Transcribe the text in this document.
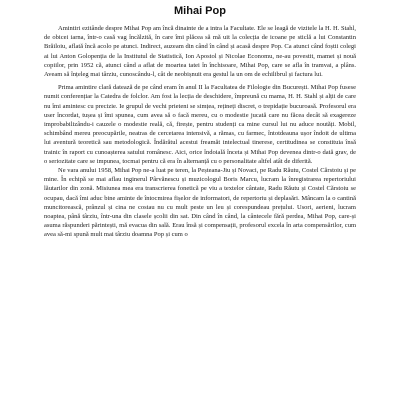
Mihai Pop

Amintiri ezitânde despre Mihai Pop am încă dinainte de a intra la Facultate. Ele se leagă de vizitele la H. H. Stahl, de obicei iarna, într-o casă vag încălzită, în care îmi plăcea să mă uit la colecția de icoane pe sticlă a lui Constantin Brăiloiu, aflată încă acolo pe atunci. Indirect, auzeam din când în când și acasă despre Pop. Ca atunci când foștii colegi ai lui Anton Golopenția de la Institutul de Statistică, Ion Apostol și Nicolae Economu, ne-au povestit, mamei și nouă copiilor, prin 1952 că, atunci când a aflat de moartea tatei în închisoare, Mihai Pop, care se afla în tramvai, a plâns. Aveam să înțeleg mai târziu, cunoscându-l, cât de neobișnuit era gestul la un om de echilibrul și factura lui.

Prima amintire clară datează de pe când eram în anul II la Facultatea de Filologie din București. Mihai Pop fusese numit conferențiar la Catedra de folclor. Am fost la lecția de deschidere, împreună cu mama, H. H. Stahl și alții de care nu îmi amintesc cu precizie. Ie grupul de vechi prieteni se simțea, rețineți discret, o trepidație bucuroasă. Profesorul era user încordat, tușea și îmi spunea, cum avea să o facă mereu, cu o modestie jucată care nu făcea decât să exagereze improbabilizându-i cauzele o modestie reală, că, firește, pentru studenți ca mine cursul lui nu aduce noutăți. Mobil, schimbând mereu preocupările, neatras de cercetarea intensivă, a rămas, cu farmec, întotdeauna ușor îndoit de ultima lui aventură teoretică sau metodologică. Îndărătul acestui freamăt intelectual tinerese, certitudinea se constituia însă trainic în raport cu cunoașterea satului românesc. Aici, orice îndoială înceta și Mihai Pop devenea dintr-o dată grav, de o seriozitate care se impunea, tocmai pentru că era în alternanță cu o personalitate altfel atât de diferită.

Ne vara anului 1958, Mihai Pop ne-a luat pe teren, la Peșteana-Jiu și Novaci, pe Radu Răutu, Costel Cărstoiu și pe mine. În echipă se mai aflau inginerul Pârvănescu și muzicologul Boris Marcu, lucram la înregistrarea repertoriului lăutarilor din zonă. Misiunea mea era transcrierea fonetică pe viu a textelor cântate, Radu Răutu și Costel Cărstoiu se ocupau, dacă îmi aduc bine aminte de întocmirea fișelor de informatori, de repertoriu și deplasări. Mâncam la o cantină muncitorească, prânzul și cina ne costau nu cu mult peste un leu și corespundeau prețului. Usori, aerieni, lucram noaptea, până târziu, într-una din clasele școlii din sat. Din când în când, la cântecele fără perdea, Mihai Pop, care-și asuma răspunderi părintești, mă evacua din sală. Erau însă și compensații, profesorul excela în arta compensărilor, cum avea să-mi spună mult mai târziu doamna Pop și cum o
